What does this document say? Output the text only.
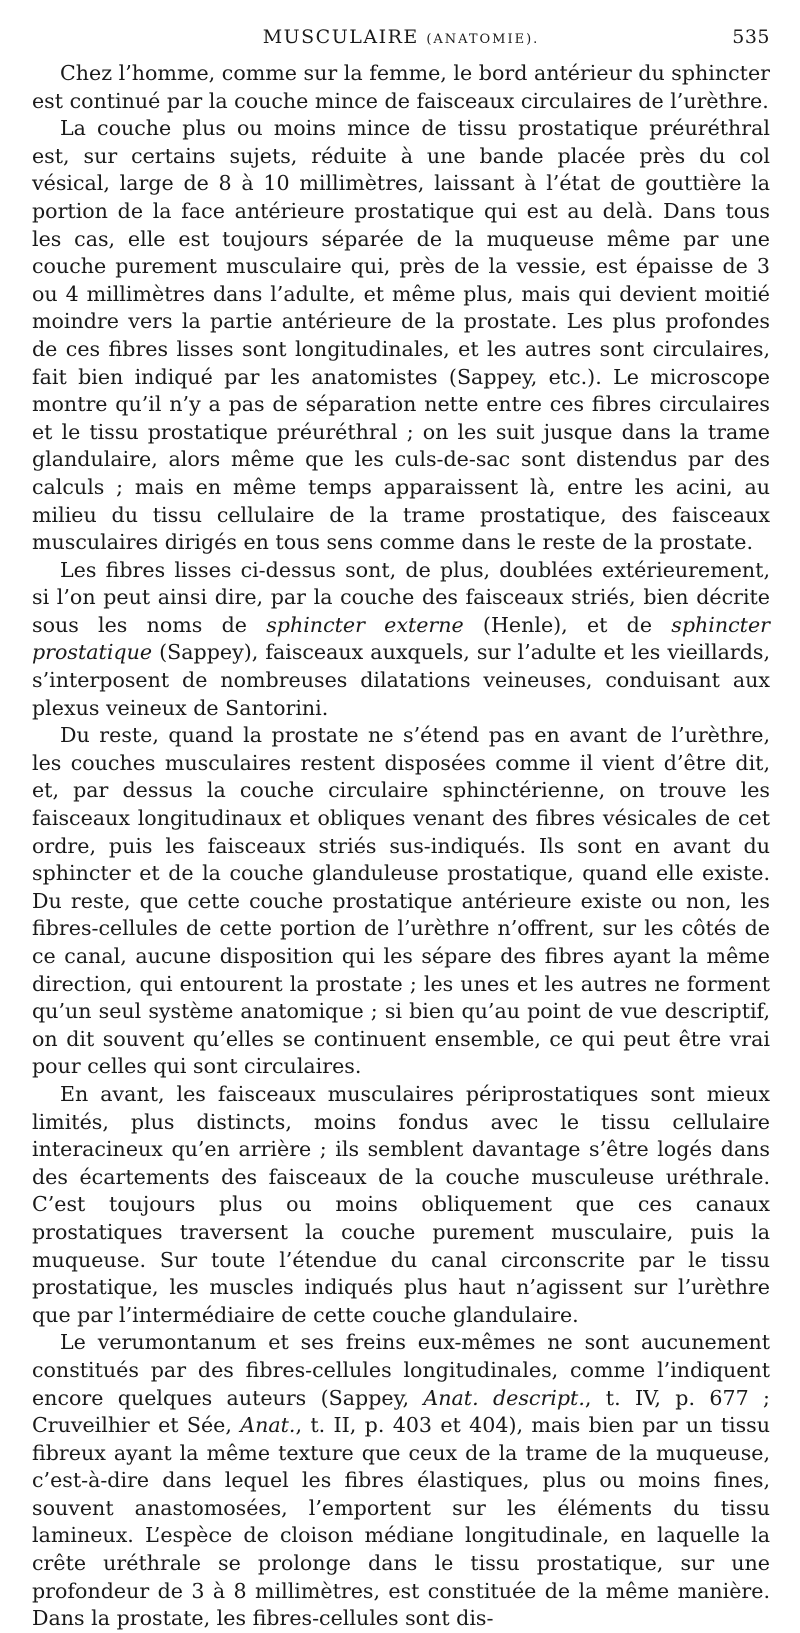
MUSCULAIRE (ANATOMIE).	535

Chez l’homme, comme sur la femme, le bord antérieur du sphincter est continué par la couche mince de faisceaux circulaires de l’urèthre.

La couche plus ou moins mince de tissu prostatique préuréthral est, sur certains sujets, réduite à une bande placée près du col vésical, large de 8 à 10 millimètres, laissant à l’état de gouttière la portion de la face antérieure prostatique qui est au delà. Dans tous les cas, elle est toujours séparée de la muqueuse même par une couche purement musculaire qui, près de la vessie, est épaisse de 3 ou 4 millimètres dans l’adulte, et même plus, mais qui devient moitié moindre vers la partie antérieure de la prostate. Les plus profondes de ces fibres lisses sont longitudinales, et les autres sont circulaires, fait bien indiqué par les anatomistes (Sappey, etc.). Le microscope montre qu’il n’y a pas de séparation nette entre ces fibres circulaires et le tissu prostatique préuréthral ; on les suit jusque dans la trame glandulaire, alors même que les culs-de-sac sont distendus par des calculs ; mais en même temps apparaissent là, entre les acini, au milieu du tissu cellulaire de la trame prostatique, des faisceaux musculaires dirigés en tous sens comme dans le reste de la prostate.

Les fibres lisses ci-dessus sont, de plus, doublées extérieurement, si l’on peut ainsi dire, par la couche des faisceaux striés, bien décrite sous les noms de sphincter externe (Henle), et de sphincter prostatique (Sappey), faisceaux auxquels, sur l’adulte et les vieillards, s’interposent de nombreuses dilatations veineuses, conduisant aux plexus veineux de Santorini.

Du reste, quand la prostate ne s’étend pas en avant de l’urèthre, les couches musculaires restent disposées comme il vient d’être dit, et, par dessus la couche circulaire sphinctérienne, on trouve les faisceaux longitudinaux et obliques venant des fibres vésicales de cet ordre, puis les faisceaux striés sus-indiqués. Ils sont en avant du sphincter et de la couche glanduleuse prostatique, quand elle existe. Du reste, que cette couche prostatique antérieure existe ou non, les fibres-cellules de cette portion de l’urèthre n’offrent, sur les côtés de ce canal, aucune disposition qui les sépare des fibres ayant la même direction, qui entourent la prostate ; les unes et les autres ne forment qu’un seul système anatomique ; si bien qu’au point de vue descriptif, on dit souvent qu’elles se continuent ensemble, ce qui peut être vrai pour celles qui sont circulaires.

En avant, les faisceaux musculaires périprostatiques sont mieux limités, plus distincts, moins fondus avec le tissu cellulaire interacineux qu’en arrière ; ils semblent davantage s’être logés dans des écartements des faisceaux de la couche musculeuse uréthrale. C’est toujours plus ou moins obliquement que ces canaux prostatiques traversent la couche purement musculaire, puis la muqueuse. Sur toute l’étendue du canal circonscrite par le tissu prostatique, les muscles indiqués plus haut n’agissent sur l’urèthre que par l’intermédiaire de cette couche glandulaire.

Le verumontanum et ses freins eux-mêmes ne sont aucunement constitués par des fibres-cellules longitudinales, comme l’indiquent encore quelques auteurs (Sappey, Anat. descript., t. IV, p. 677 ; Cruveilhier et Sée, Anat., t. II, p. 403 et 404), mais bien par un tissu fibreux ayant la même texture que ceux de la trame de la muqueuse, c’est-à-dire dans lequel les fibres élastiques, plus ou moins fines, souvent anastomosées, l’emportent sur les éléments du tissu lamineux. L’espèce de cloison médiane longitudinale, en laquelle la crête uréthrale se prolonge dans le tissu prostatique, sur une profondeur de 3 à 8 millimètres, est constituée de la même manière. Dans la prostate, les fibres-cellules sont dis-
